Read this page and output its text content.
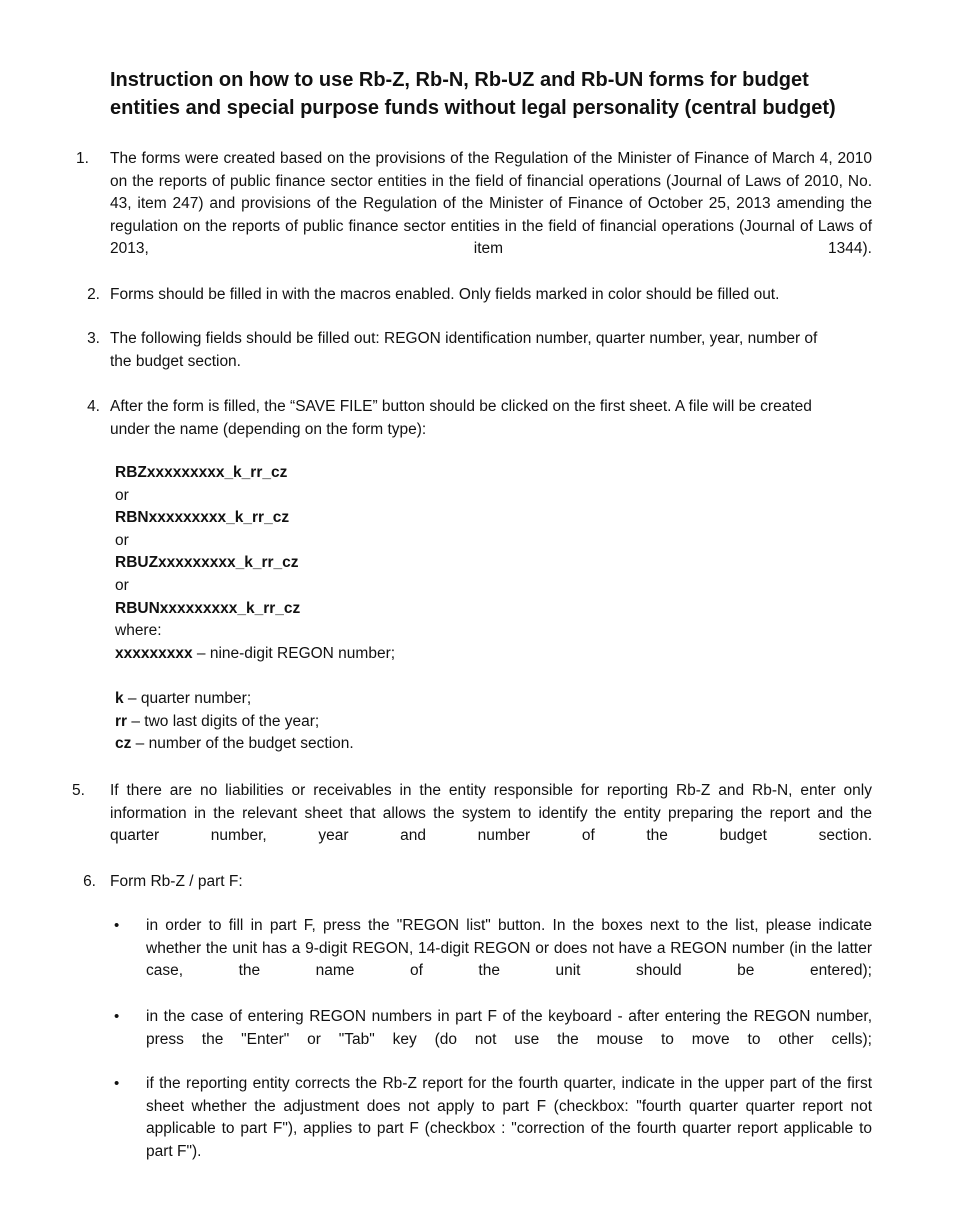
Instruction on how to use Rb-Z, Rb-N, Rb-UZ and Rb-UN forms for budget entities and special purpose funds without legal personality (central budget)
1.	The forms were created based on the provisions of the Regulation of the Minister of Finance of March 4, 2010 on the reports of public finance sector entities in the field of financial operations (Journal of Laws of 2010, No. 43, item 247) and provisions of the Regulation of the Minister of Finance of October 25, 2013 amending the regulation on the reports of public finance sector entities in the field of financial operations (Journal of Laws of 2013, item 1344).
2. Forms should be filled in with the macros enabled. Only fields marked in color should be filled out.
3. The following fields should be filled out: REGON identification number, quarter number, year, number of the budget section.
4. After the form is filled, the “SAVE FILE” button should be clicked on the first sheet. A file will be created under the name (depending on the form type):
RBZxxxxxxxxx_k_rr_cz
or
RBNxxxxxxxxx_k_rr_cz
or
RBUZxxxxxxxxx_k_rr_cz
or
RBUNxxxxxxxxx_k_rr_cz
where:
xxxxxxxxx – nine-digit REGON number;
k – quarter number;
rr – two last digits of the year;
cz – number of the budget section.
5.	If there are no liabilities or receivables in the entity responsible for reporting Rb-Z and Rb-N, enter only information in the relevant sheet that allows the system to identify the entity preparing the report and the quarter number, year and number of the budget section.
6. Form Rb-Z / part F:
• in order to fill in part F, press the "REGON list" button. In the boxes next to the list, please indicate whether the unit has a 9-digit REGON, 14-digit REGON or does not have a REGON number (in the latter case, the name of the unit should be entered);
• in the case of entering REGON numbers in part F of the keyboard - after entering the REGON number, press the "Enter" or "Tab" key (do not use the mouse to move to other cells);
• if the reporting entity corrects the Rb-Z report for the fourth quarter, indicate in the upper part of the first sheet whether the adjustment does not apply to part F (checkbox: "fourth quarter quarter report not applicable to part F"), applies to part F (checkbox : "correction of the fourth quarter report applicable to part F").
